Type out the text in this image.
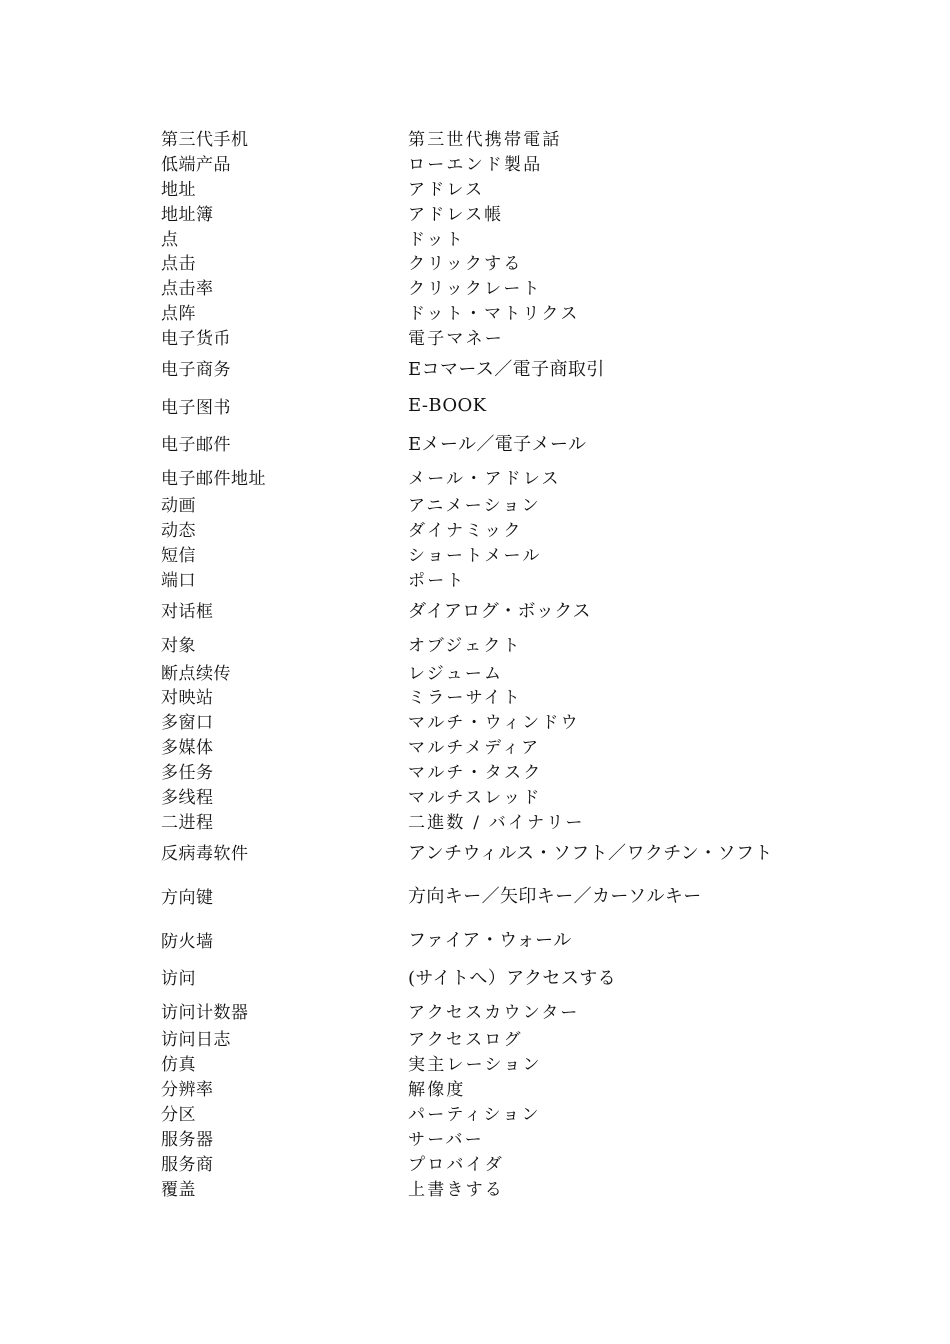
第三代手机	第三世代携帯電話
低端产品	ローエンド製品
地址	アドレス
地址簿	アドレス帳
点	ドット
点击	クリックする
点击率	クリックレート
点阵	ドット・マトリクス
电子货币	電子マネー
电子商务	Eコマース／電子商取引
电子图书	E-BOOK
电子邮件	Eメール／電子メール
电子邮件地址	メール・アドレス
动画	アニメーション
动态	ダイナミック
短信	ショートメール
端口	ポート
对话框	ダイアログ・ボックス
对象	オブジェクト
断点续传	レジューム
对映站	ミラーサイト
多窗口	マルチ・ウィンドウ
多媒体	マルチメディア
多任务	マルチ・タスク
多线程	マルチスレッド
二进程	二進数 / バイナリー
反病毒软件	アンチウィルス・ソフト／ワクチン・ソフト
方向键	方向キー／矢印キー／カーソルキー
防火墙	ファイア・ウォール
访问	(サイトへ）アクセスする
访问计数器	アクセスカウンター
访问日志	アクセスログ
仿真	実主レーション
分辨率	解像度
分区	パーティション
服务器	サーバー
服务商	プロバイダ
覆盖	上書きする
